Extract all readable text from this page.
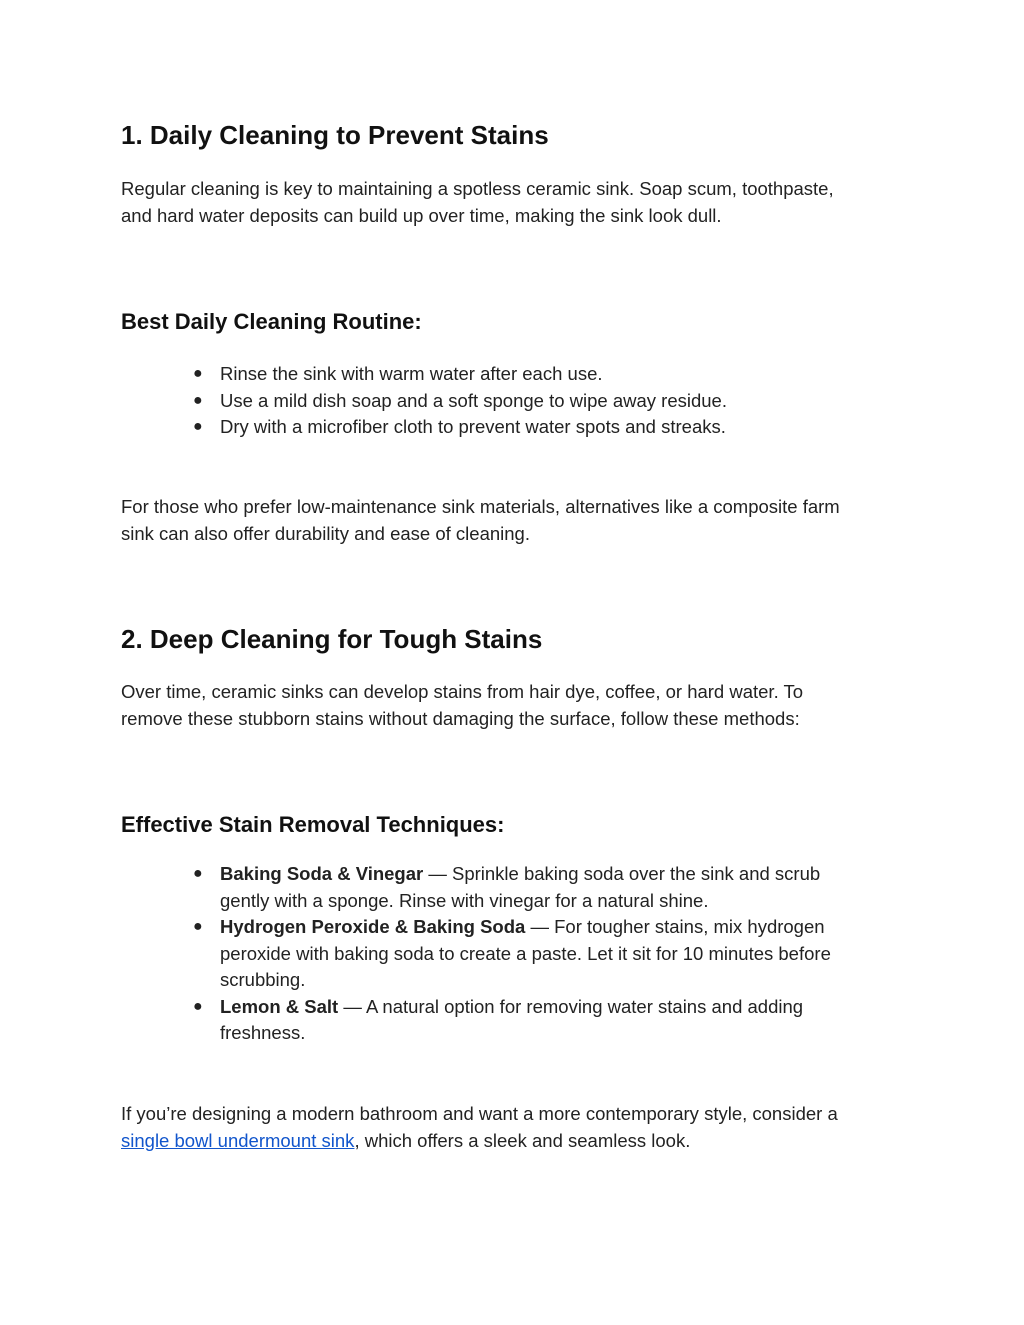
1. Daily Cleaning to Prevent Stains

Regular cleaning is key to maintaining a spotless ceramic sink. Soap scum, toothpaste,
and hard water deposits can build up over time, making the sink look dull.

Best Daily Cleaning Routine:
● Rinse the sink with warm water after each use.
● Use a mild dish soap and a soft sponge to wipe away residue.
● Dry with a microfiber cloth to prevent water spots and streaks.

For those who prefer low-maintenance sink materials, alternatives like a composite farm
sink can also offer durability and ease of cleaning.

2. Deep Cleaning for Tough Stains

Over time, ceramic sinks can develop stains from hair dye, coffee, or hard water. To
remove these stubborn stains without damaging the surface, follow these methods:

Effective Stain Removal Techniques:
● Baking Soda & Vinegar — Sprinkle baking soda over the sink and scrub
gently with a sponge. Rinse with vinegar for a natural shine.
● Hydrogen Peroxide & Baking Soda — For tougher stains, mix hydrogen
peroxide with baking soda to create a paste. Let it sit for 10 minutes before
scrubbing.
● Lemon & Salt — A natural option for removing water stains and adding
freshness.

If you’re designing a modern bathroom and want a more contemporary style, consider a
single bowl undermount sink, which offers a sleek and seamless look.
